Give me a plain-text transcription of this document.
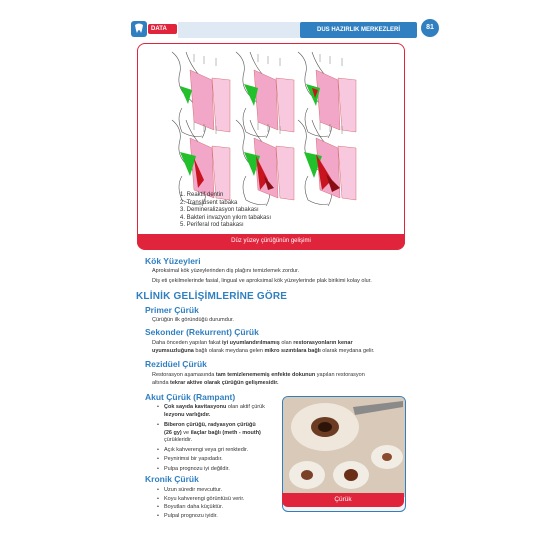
DATA	DUS HAZIRLIK MERKEZLERİ	81
1. Reaktif dentin
2. Translüsent tabaka
3. Demineralizasyon tabakası
4. Bakteri invazyon yıkım tabakası
5. Periferal rod tabakası
Düz yüzey çürüğünün gelişimi
Kök Yüzeyleri
Aproksimal kök yüzeylerinden diş plağını temizlemek zordur.
Diş eti çekilmelerinde fasial, lingual ve aproksimal kök yüzeylerinde plak birikimi kolay olur.
KLİNİK GELİŞİMLERİNE GÖRE
Primer Çürük
Çürüğün ilk göründüğü durumdur.
Sekonder (Rekurrent) Çürük
Daha önceden yapılan fakat iyi uyumlandırılmamış olan restorasyonların kenar
uyumsuzluğuna bağlı olarak meydana gelen mikro sızıntılara bağlı olarak meydana gelir.
Rezidüel Çürük
Restorasyon aşamasında tam temizlenememiş enfekte dokunun yapılan restorasyon
altında tekrar aktive olarak çürüğün gelişmesidir.
Akut Çürük (Rampant)
• Çok sayıda kavitasyonu olan aktif çürük
lezyonu varlığıdır.
• Biberon çürüğü, radyasyon çürüğü
(26 gy) ve ilaçlar bağlı (meth - mouth)
çürükleridir.
• Açık kahverengi veya gri renktedir.
• Peynirimsi bir yapıdadır.
• Pulpa prognozu iyi değildir.
Kronik Çürük
• Uzun süredir mevcuttur.
• Koyu kahverengi görüntüsü verir.
• Boyutları daha küçüktür.
• Pulpal prognozu iyidir.
Çürük
